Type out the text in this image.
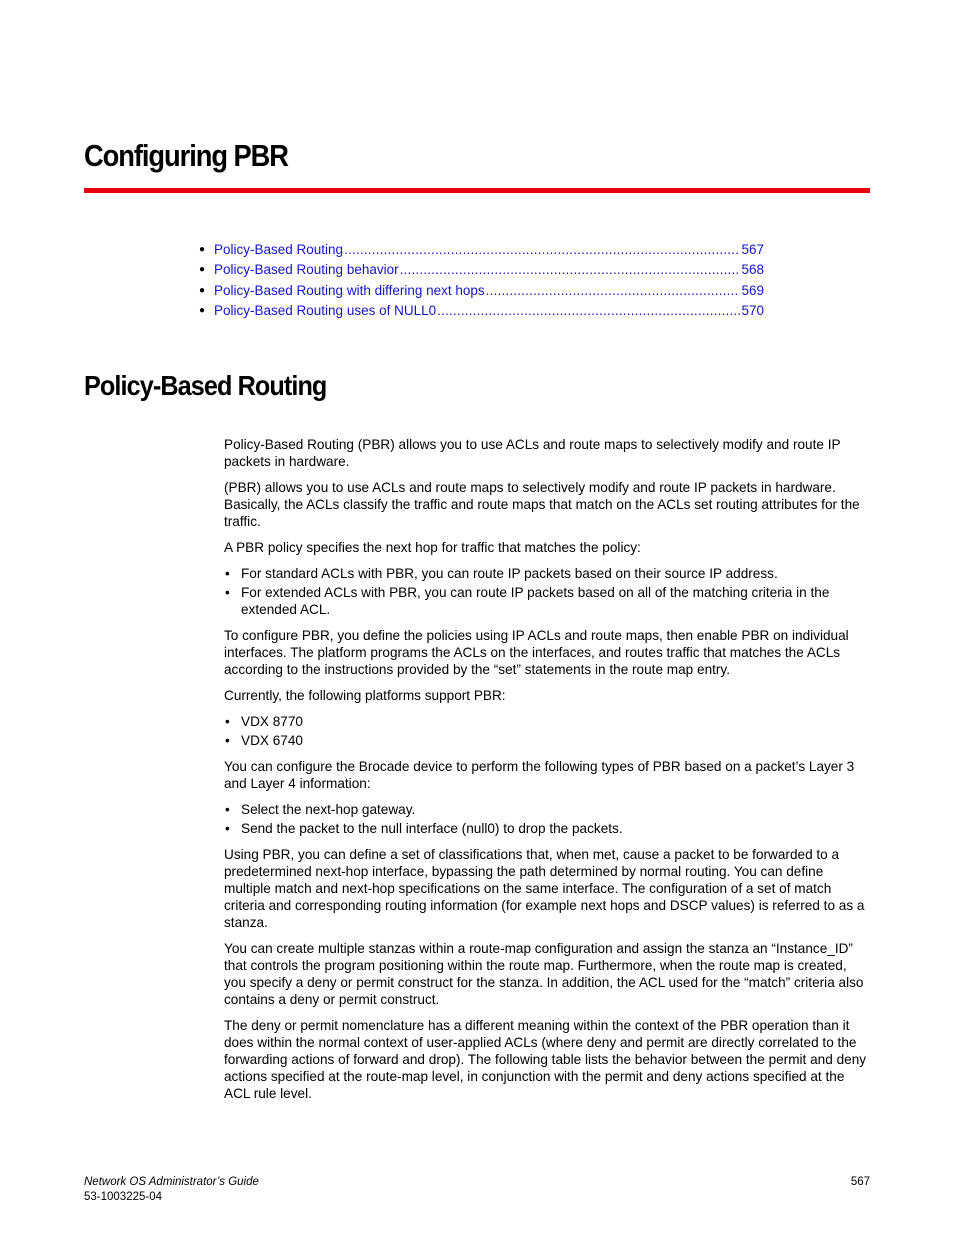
Configuring PBR
● Policy-Based Routing .....	567
● Policy-Based Routing behavior .....	568
● Policy-Based Routing with differing next hops .....	569
● Policy-Based Routing uses of NULL0 .....	570
Policy-Based Routing

Policy-Based Routing (PBR) allows you to use ACLs and route maps to selectively modify and route IP packets in hardware.

(PBR) allows you to use ACLs and route maps to selectively modify and route IP packets in hardware. Basically, the ACLs classify the traffic and route maps that match on the ACLs set routing attributes for the traffic.

A PBR policy specifies the next hop for traffic that matches the policy:

• For standard ACLs with PBR, you can route IP packets based on their source IP address.
• For extended ACLs with PBR, you can route IP packets based on all of the matching criteria in the extended ACL.

To configure PBR, you define the policies using IP ACLs and route maps, then enable PBR on individual interfaces. The platform programs the ACLs on the interfaces, and routes traffic that matches the ACLs according to the instructions provided by the “set” statements in the route map entry.

Currently, the following platforms support PBR:

• VDX 8770
• VDX 6740

You can configure the Brocade device to perform the following types of PBR based on a packet’s Layer 3 and Layer 4 information:

• Select the next-hop gateway.
• Send the packet to the null interface (null0) to drop the packets.

Using PBR, you can define a set of classifications that, when met, cause a packet to be forwarded to a predetermined next-hop interface, bypassing the path determined by normal routing. You can define multiple match and next-hop specifications on the same interface. The configuration of a set of match criteria and corresponding routing information (for example next hops and DSCP values) is referred to as a stanza.

You can create multiple stanzas within a route-map configuration and assign the stanza an “Instance_ID” that controls the program positioning within the route map. Furthermore, when the route map is created, you specify a deny or permit construct for the stanza. In addition, the ACL used for the “match” criteria also contains a deny or permit construct.

The deny or permit nomenclature has a different meaning within the context of the PBR operation than it does within the normal context of user-applied ACLs (where deny and permit are directly correlated to the forwarding actions of forward and drop). The following table lists the behavior between the permit and deny actions specified at the route-map level, in conjunction with the permit and deny actions specified at the ACL rule level.

Network OS Administrator’s Guide
53-1003225-04
567
